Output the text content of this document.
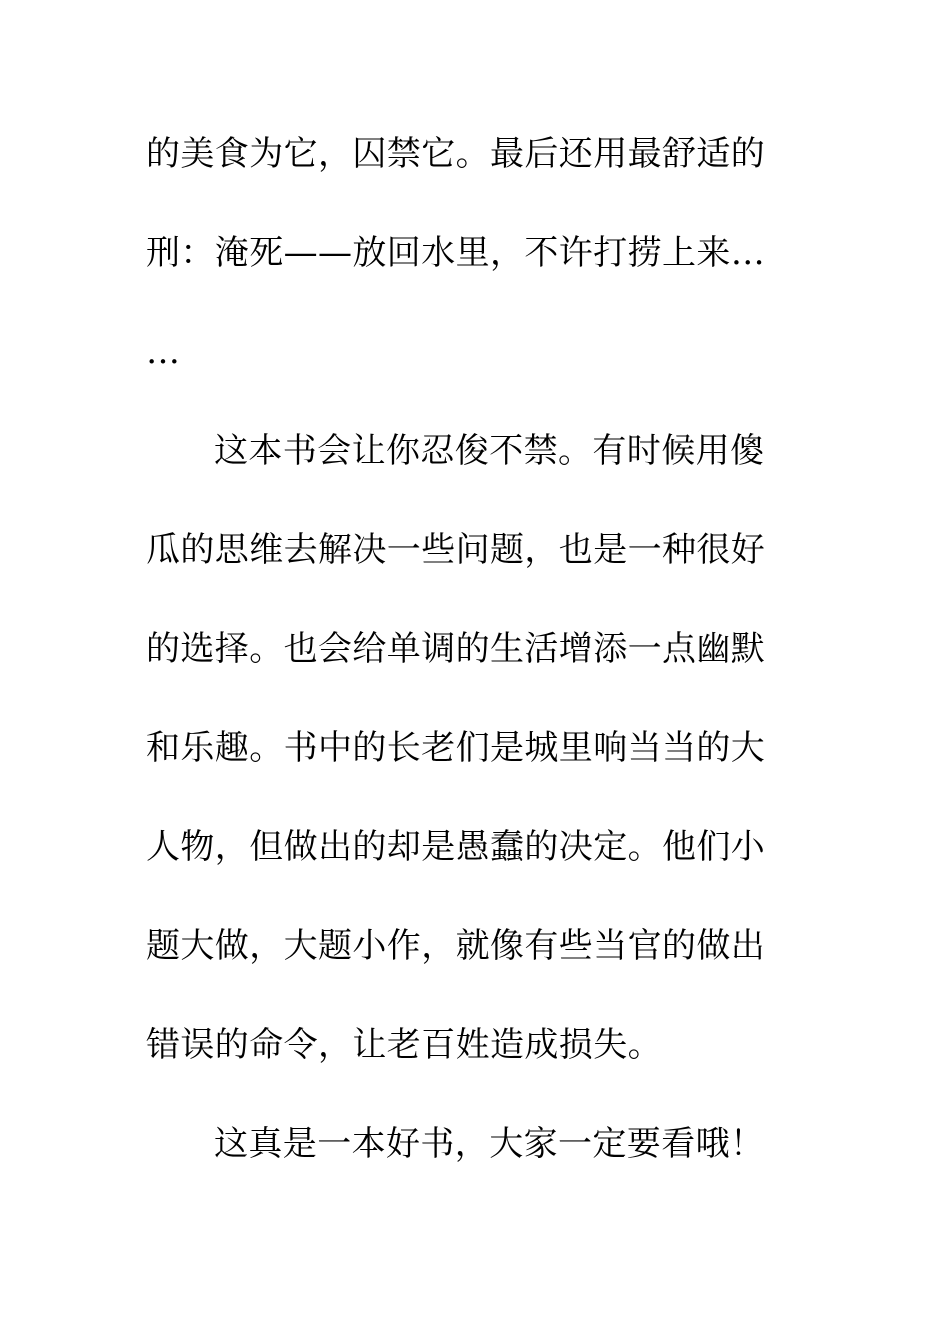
的美食为它，囚禁它。最后还用最舒适的
刑：淹死——放回水里，不许打捞上来…
…
这本书会让你忍俊不禁。有时候用傻
瓜的思维去解决一些问题，也是一种很好
的选择。也会给单调的生活增添一点幽默
和乐趣。书中的长老们是城里响当当的大
人物，但做出的却是愚蠢的决定。他们小
题大做，大题小作，就像有些当官的做出
错误的命令，让老百姓造成损失。
这真是一本好书，大家一定要看哦！
